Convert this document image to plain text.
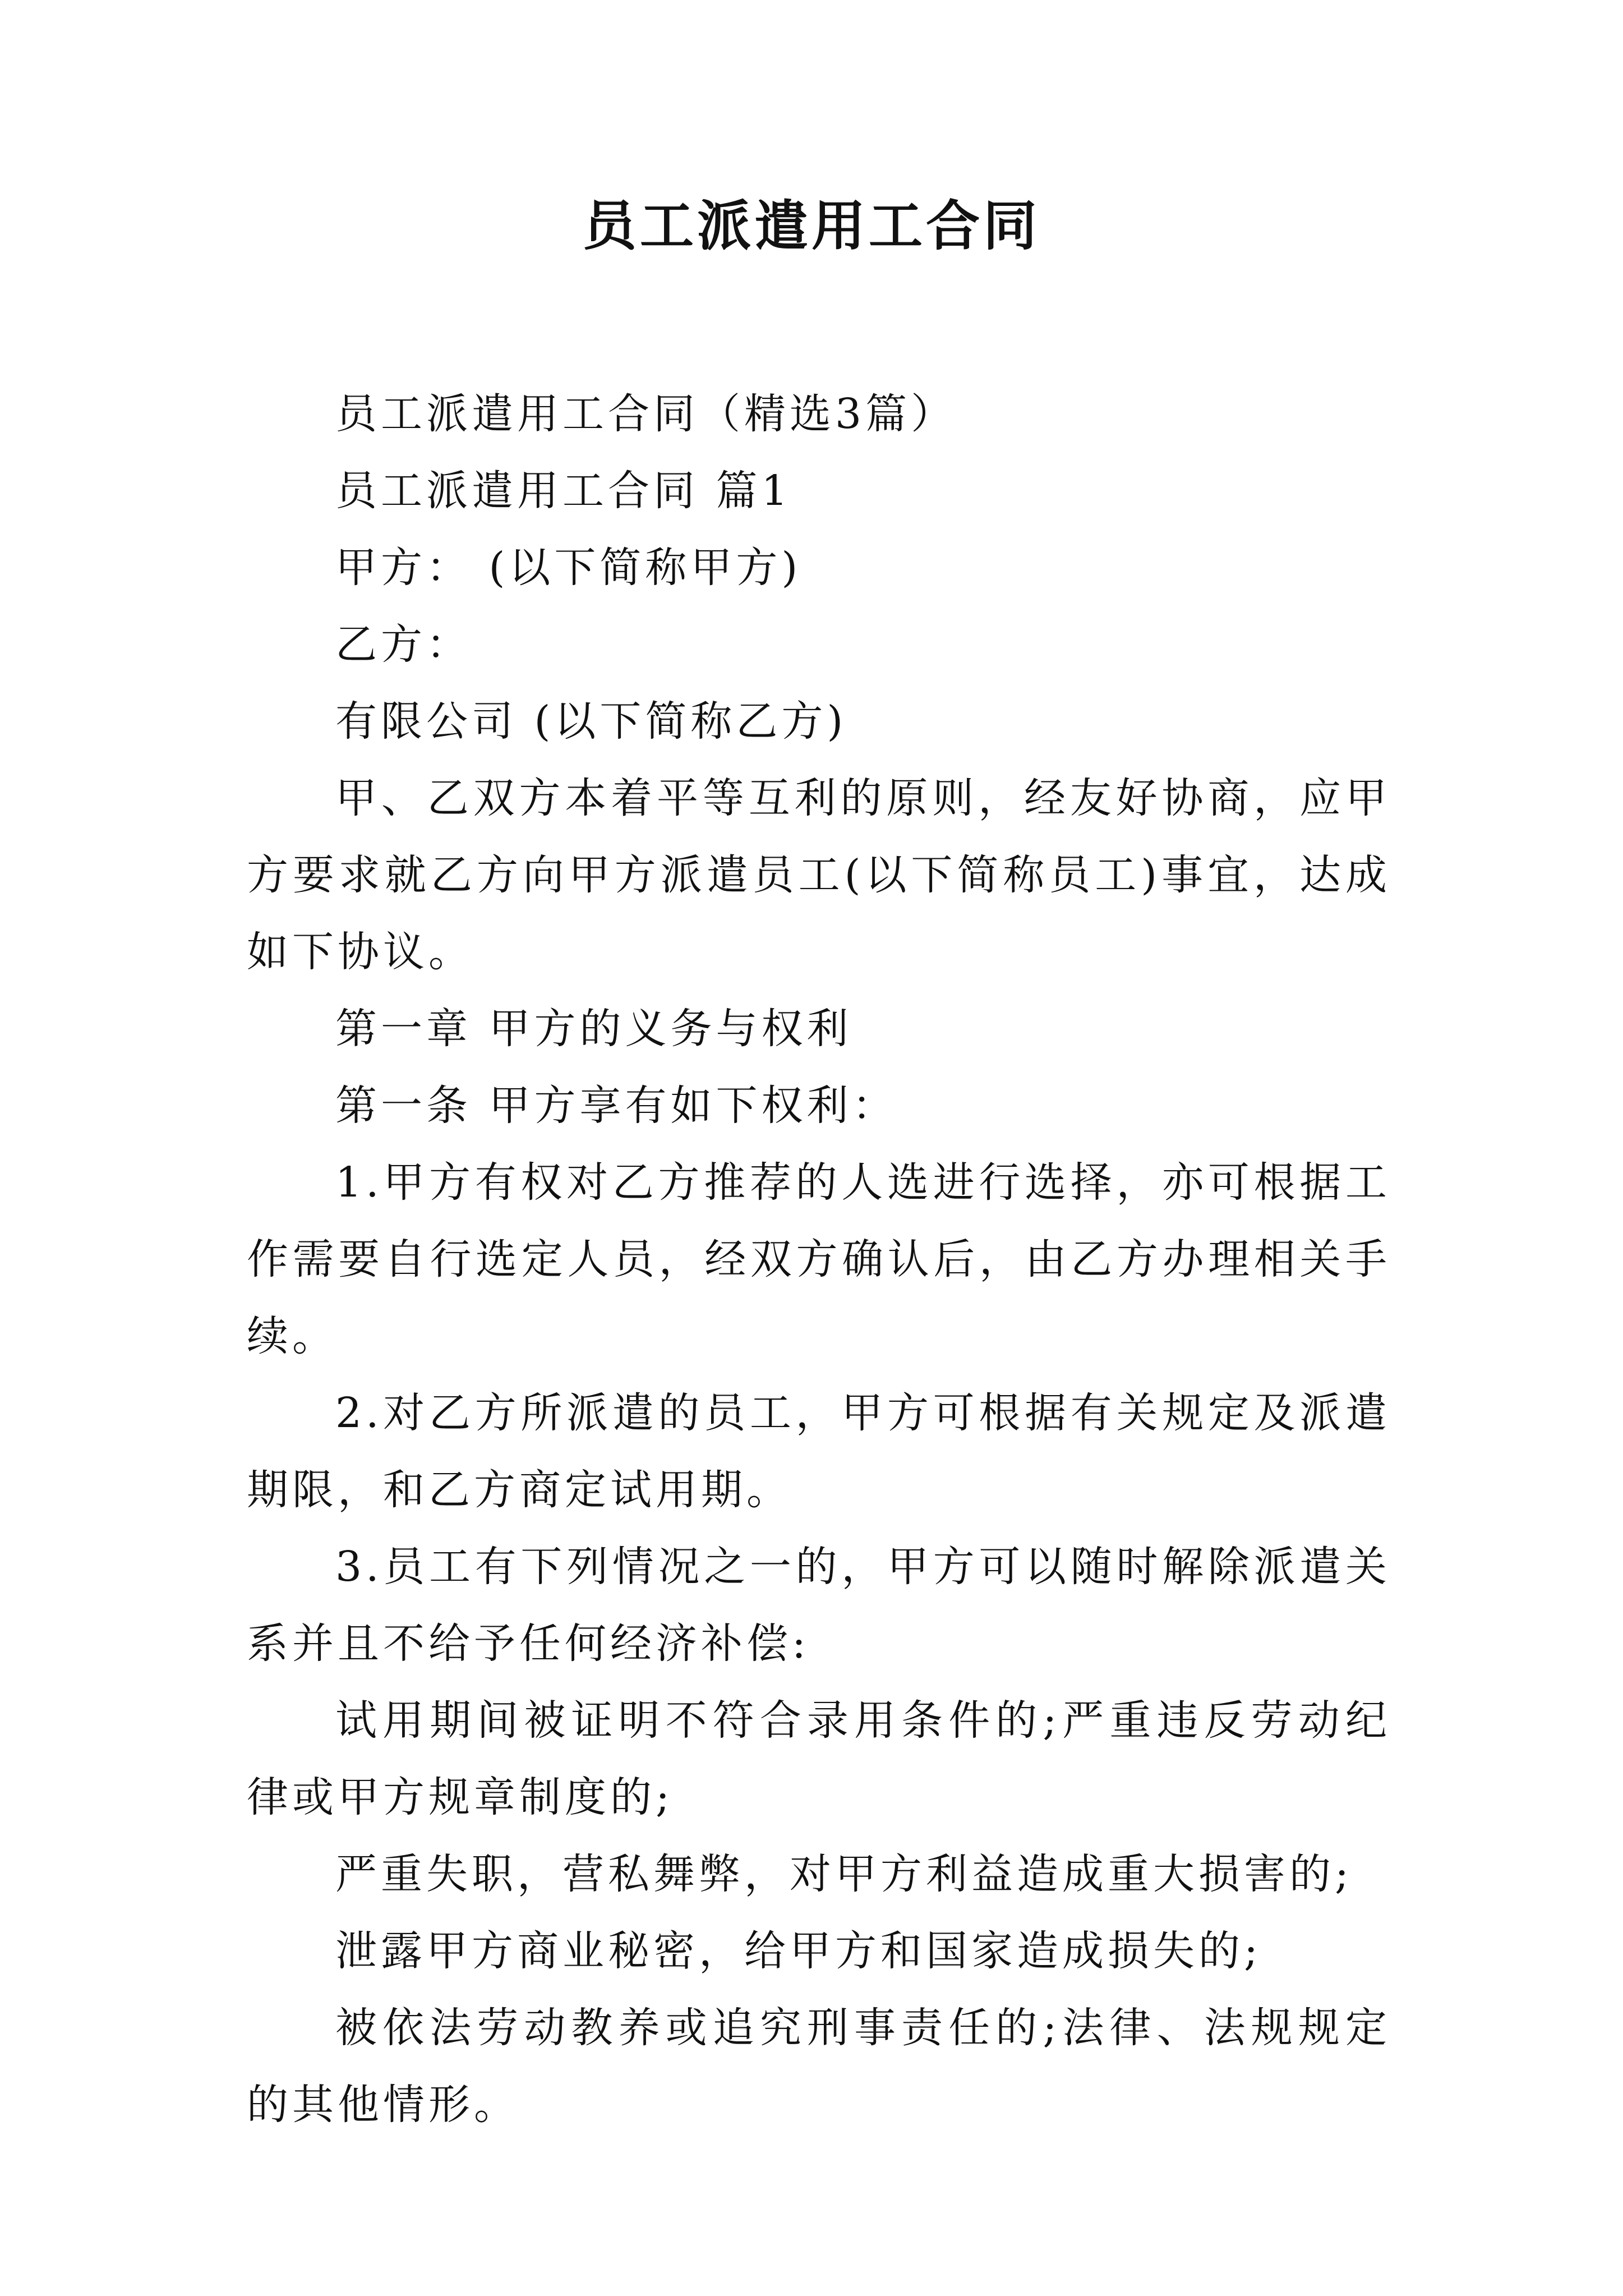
员工派遣用工合同

员工派遣用工合同（精选3篇）

员工派遣用工合同 篇1

甲方： (以下简称甲方)

乙方：

有限公司 (以下简称乙方)

甲、乙双方本着平等互利的原则，经友好协商，应甲方要求就乙方向甲方派遣员工(以下简称员工)事宜，达成如下协议。

第一章 甲方的义务与权利

第一条 甲方享有如下权利：

1.甲方有权对乙方推荐的人选进行选择，亦可根据工作需要自行选定人员，经双方确认后，由乙方办理相关手续。

2.对乙方所派遣的员工，甲方可根据有关规定及派遣期限，和乙方商定试用期。

3.员工有下列情况之一的，甲方可以随时解除派遣关系并且不给予任何经济补偿:

试用期间被证明不符合录用条件的;严重违反劳动纪律或甲方规章制度的;

严重失职，营私舞弊，对甲方利益造成重大损害的;

泄露甲方商业秘密，给甲方和国家造成损失的;

被依法劳动教养或追究刑事责任的;法律、法规规定的其他情形。
